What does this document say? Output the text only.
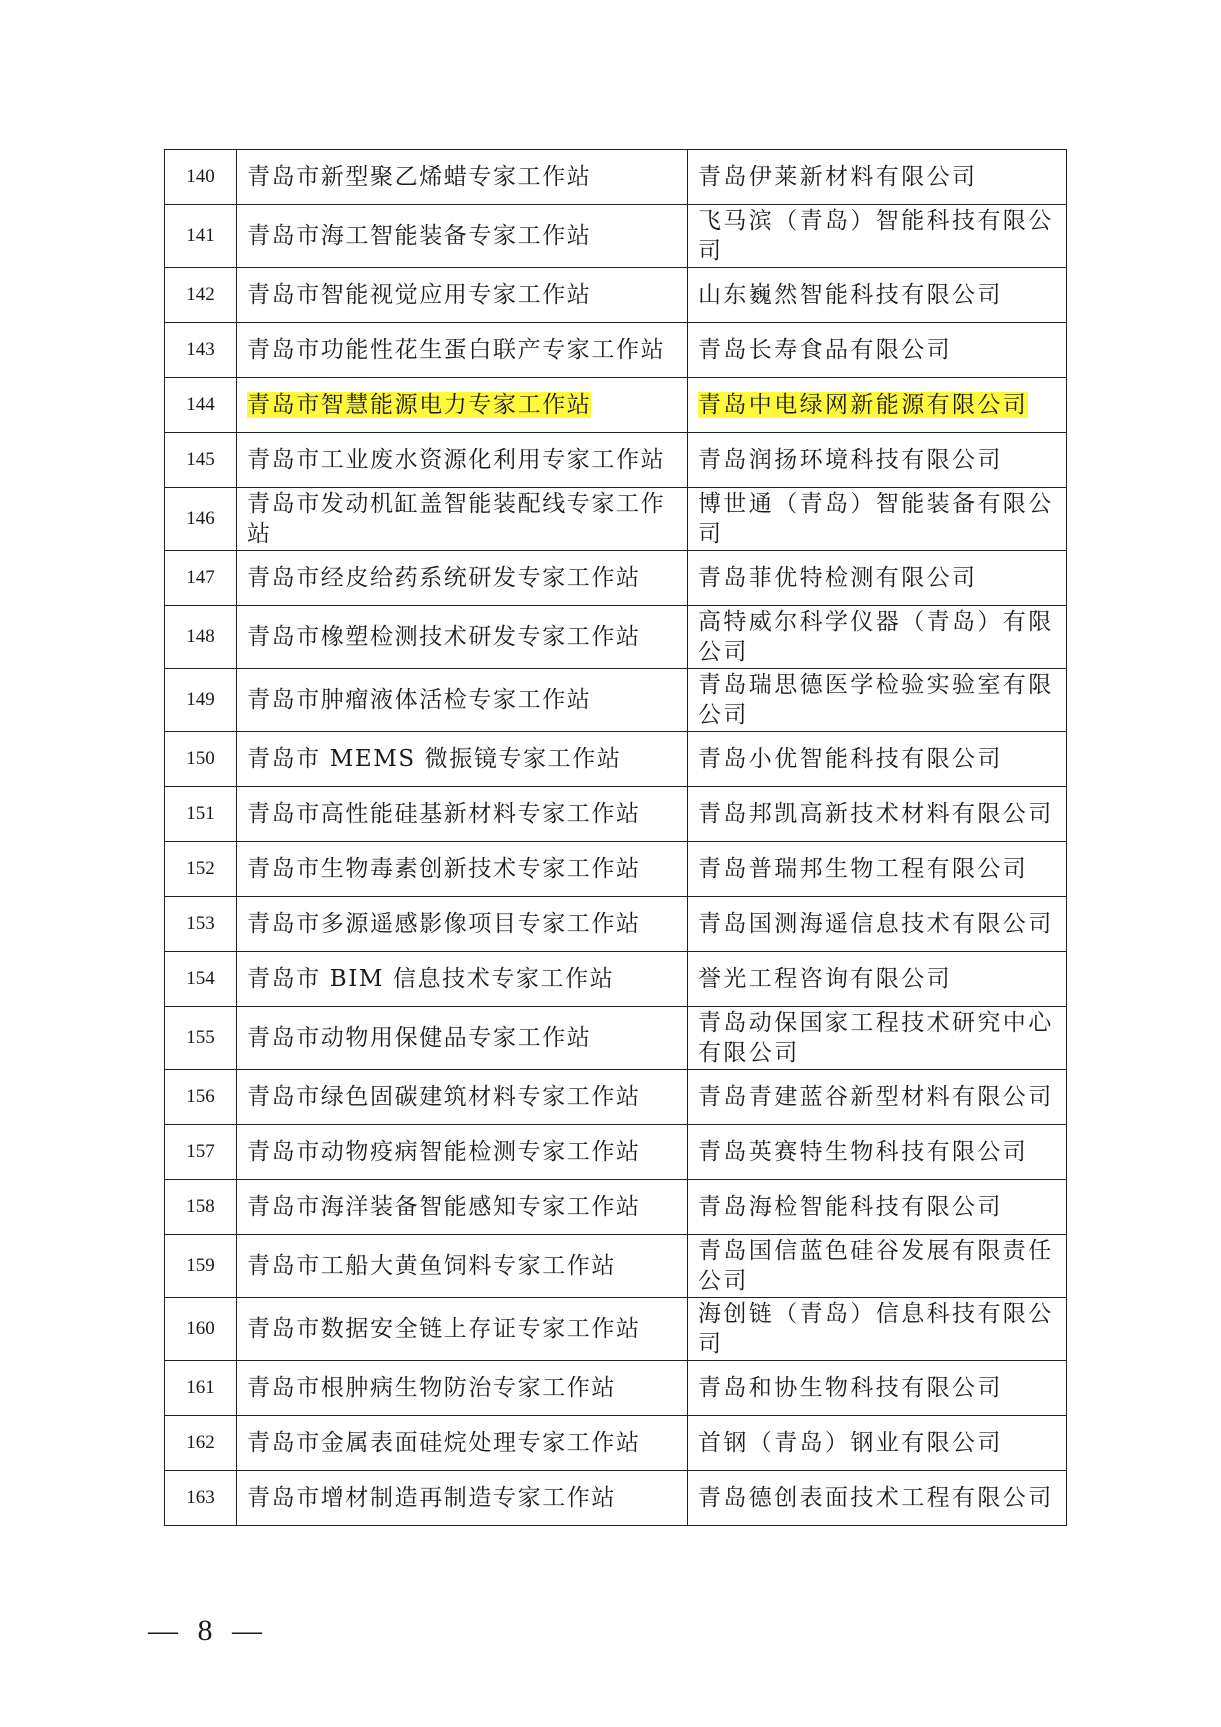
140	青岛市新型聚乙烯蜡专家工作站	青岛伊莱新材料有限公司
141	青岛市海工智能装备专家工作站	飞马滨（青岛）智能科技有限公司
142	青岛市智能视觉应用专家工作站	山东巍然智能科技有限公司
143	青岛市功能性花生蛋白联产专家工作站	青岛长寿食品有限公司
144	青岛市智慧能源电力专家工作站	青岛中电绿网新能源有限公司
145	青岛市工业废水资源化利用专家工作站	青岛润扬环境科技有限公司
146	青岛市发动机缸盖智能装配线专家工作站	博世通（青岛）智能装备有限公司
147	青岛市经皮给药系统研发专家工作站	青岛菲优特检测有限公司
148	青岛市橡塑检测技术研发专家工作站	高特威尔科学仪器（青岛）有限公司
149	青岛市肿瘤液体活检专家工作站	青岛瑞思德医学检验实验室有限公司
150	青岛市 MEMS 微振镜专家工作站	青岛小优智能科技有限公司
151	青岛市高性能硅基新材料专家工作站	青岛邦凯高新技术材料有限公司
152	青岛市生物毒素创新技术专家工作站	青岛普瑞邦生物工程有限公司
153	青岛市多源遥感影像项目专家工作站	青岛国测海遥信息技术有限公司
154	青岛市 BIM 信息技术专家工作站	誉光工程咨询有限公司
155	青岛市动物用保健品专家工作站	青岛动保国家工程技术研究中心有限公司
156	青岛市绿色固碳建筑材料专家工作站	青岛青建蓝谷新型材料有限公司
157	青岛市动物疫病智能检测专家工作站	青岛英赛特生物科技有限公司
158	青岛市海洋装备智能感知专家工作站	青岛海检智能科技有限公司
159	青岛市工船大黄鱼饲料专家工作站	青岛国信蓝色硅谷发展有限责任公司
160	青岛市数据安全链上存证专家工作站	海创链（青岛）信息科技有限公司
161	青岛市根肿病生物防治专家工作站	青岛和协生物科技有限公司
162	青岛市金属表面硅烷处理专家工作站	首钢（青岛）钢业有限公司
163	青岛市增材制造再制造专家工作站	青岛德创表面技术工程有限公司
— 8 —
